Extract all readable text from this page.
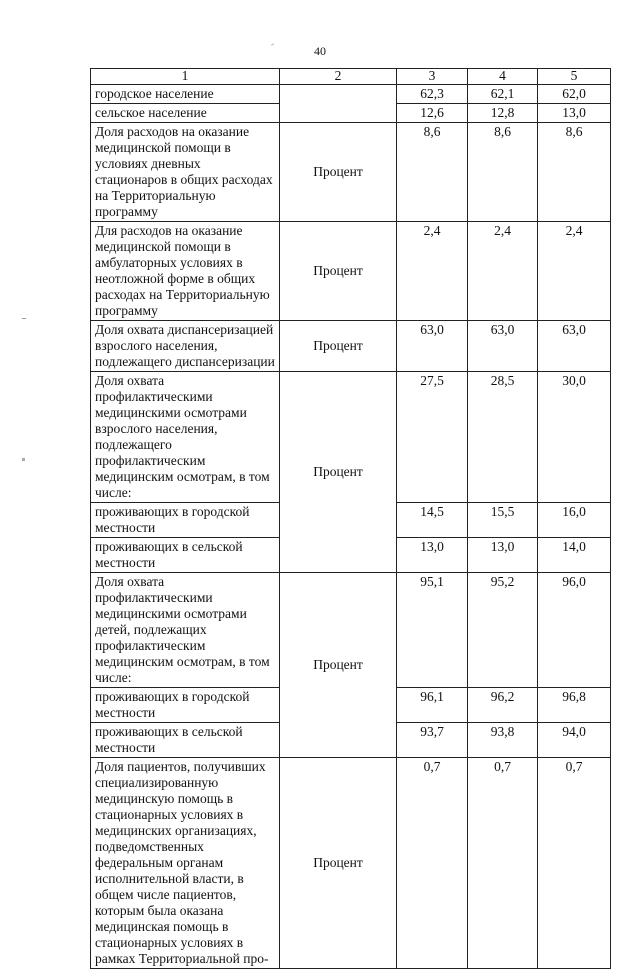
40
1	2	3	4	5
городское население		62,3	62,1	62,0
сельское население		12,6	12,8	13,0
Доля расходов на оказание медицинской помощи в условиях дневных стационаров в общих расходах на Территориальную программу	Процент	8,6	8,6	8,6
Для расходов на оказание медицинской помощи в амбулаторных условиях в неотложной форме в общих расходах на Территориальную программу	Процент	2,4	2,4	2,4
Доля охвата диспансеризацией взрослого населения, подлежащего диспансеризации	Процент	63,0	63,0	63,0
Доля охвата профилактическими медицинскими осмотрами взрослого населения, подлежащего профилактическим медицинским осмотрам, в том числе:	Процент	27,5	28,5	30,0
проживающих в городской местности		14,5	15,5	16,0
проживающих в сельской местности		13,0	13,0	14,0
Доля охвата профилактическими медицинскими осмотрами детей, подлежащих профилактическим медицинским осмотрам, в том числе:	Процент	95,1	95,2	96,0
проживающих в городской местности		96,1	96,2	96,8
проживающих в сельской местности		93,7	93,8	94,0
Доля пациентов, получивших специализированную медицинскую помощь в стационарных условиях в медицинских организациях, подведомственных федеральным органам исполнительной власти, в общем числе пациентов, которым была оказана медицинская помощь в стационарных условиях в рамках Территориальной про-	Процент	0,7	0,7	0,7
